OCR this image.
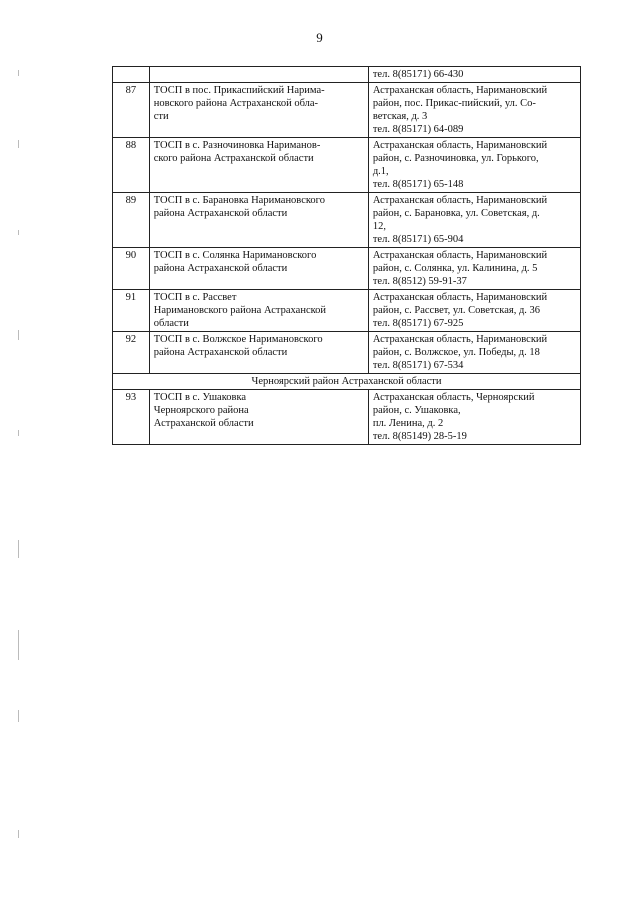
9

		тел. 8(85171) 66-430

87	ТОСП в пос. Прикаспийский Нарима-
новского района Астраханской обла-
сти	Астраханская область, Наримановский
район, пос. Прикас-пийский, ул. Со-
ветская, д. 3
тел. 8(85171) 64-089

88	ТОСП в с. Разночиновка Нариманов-
ского района Астраханской области	Астраханская область, Наримановский
район, с. Разночиновка, ул. Горького,
д.1,
тел. 8(85171) 65-148

89	ТОСП в с. Барановка Наримановского
района Астраханской области	Астраханская область, Наримановский
район, с. Барановка, ул. Советская, д.
12,
тел. 8(85171) 65-904

90	ТОСП в с. Солянка Наримановского
района Астраханской области	Астраханская область, Наримановский
район, с. Солянка, ул. Калинина, д. 5
тел. 8(8512) 59-91-37

91	ТОСП в с. Рассвет
Наримановского района Астраханской
области	Астраханская область, Наримановский
район, с. Рассвет, ул. Советская, д. 36
тел. 8(85171) 67-925

92	ТОСП в с. Волжское Наримановского
района Астраханской области	Астраханская область, Наримановский
район, с. Волжское, ул. Победы, д. 18
тел. 8(85171) 67-534

Черноярский район Астраханской области		
93	ТОСП в с. Ушаковка
Черноярского района
Астраханской области	Астраханская область, Черноярский
район, с. Ушаковка,
пл. Ленина, д. 2
тел. 8(85149) 28-5-19
